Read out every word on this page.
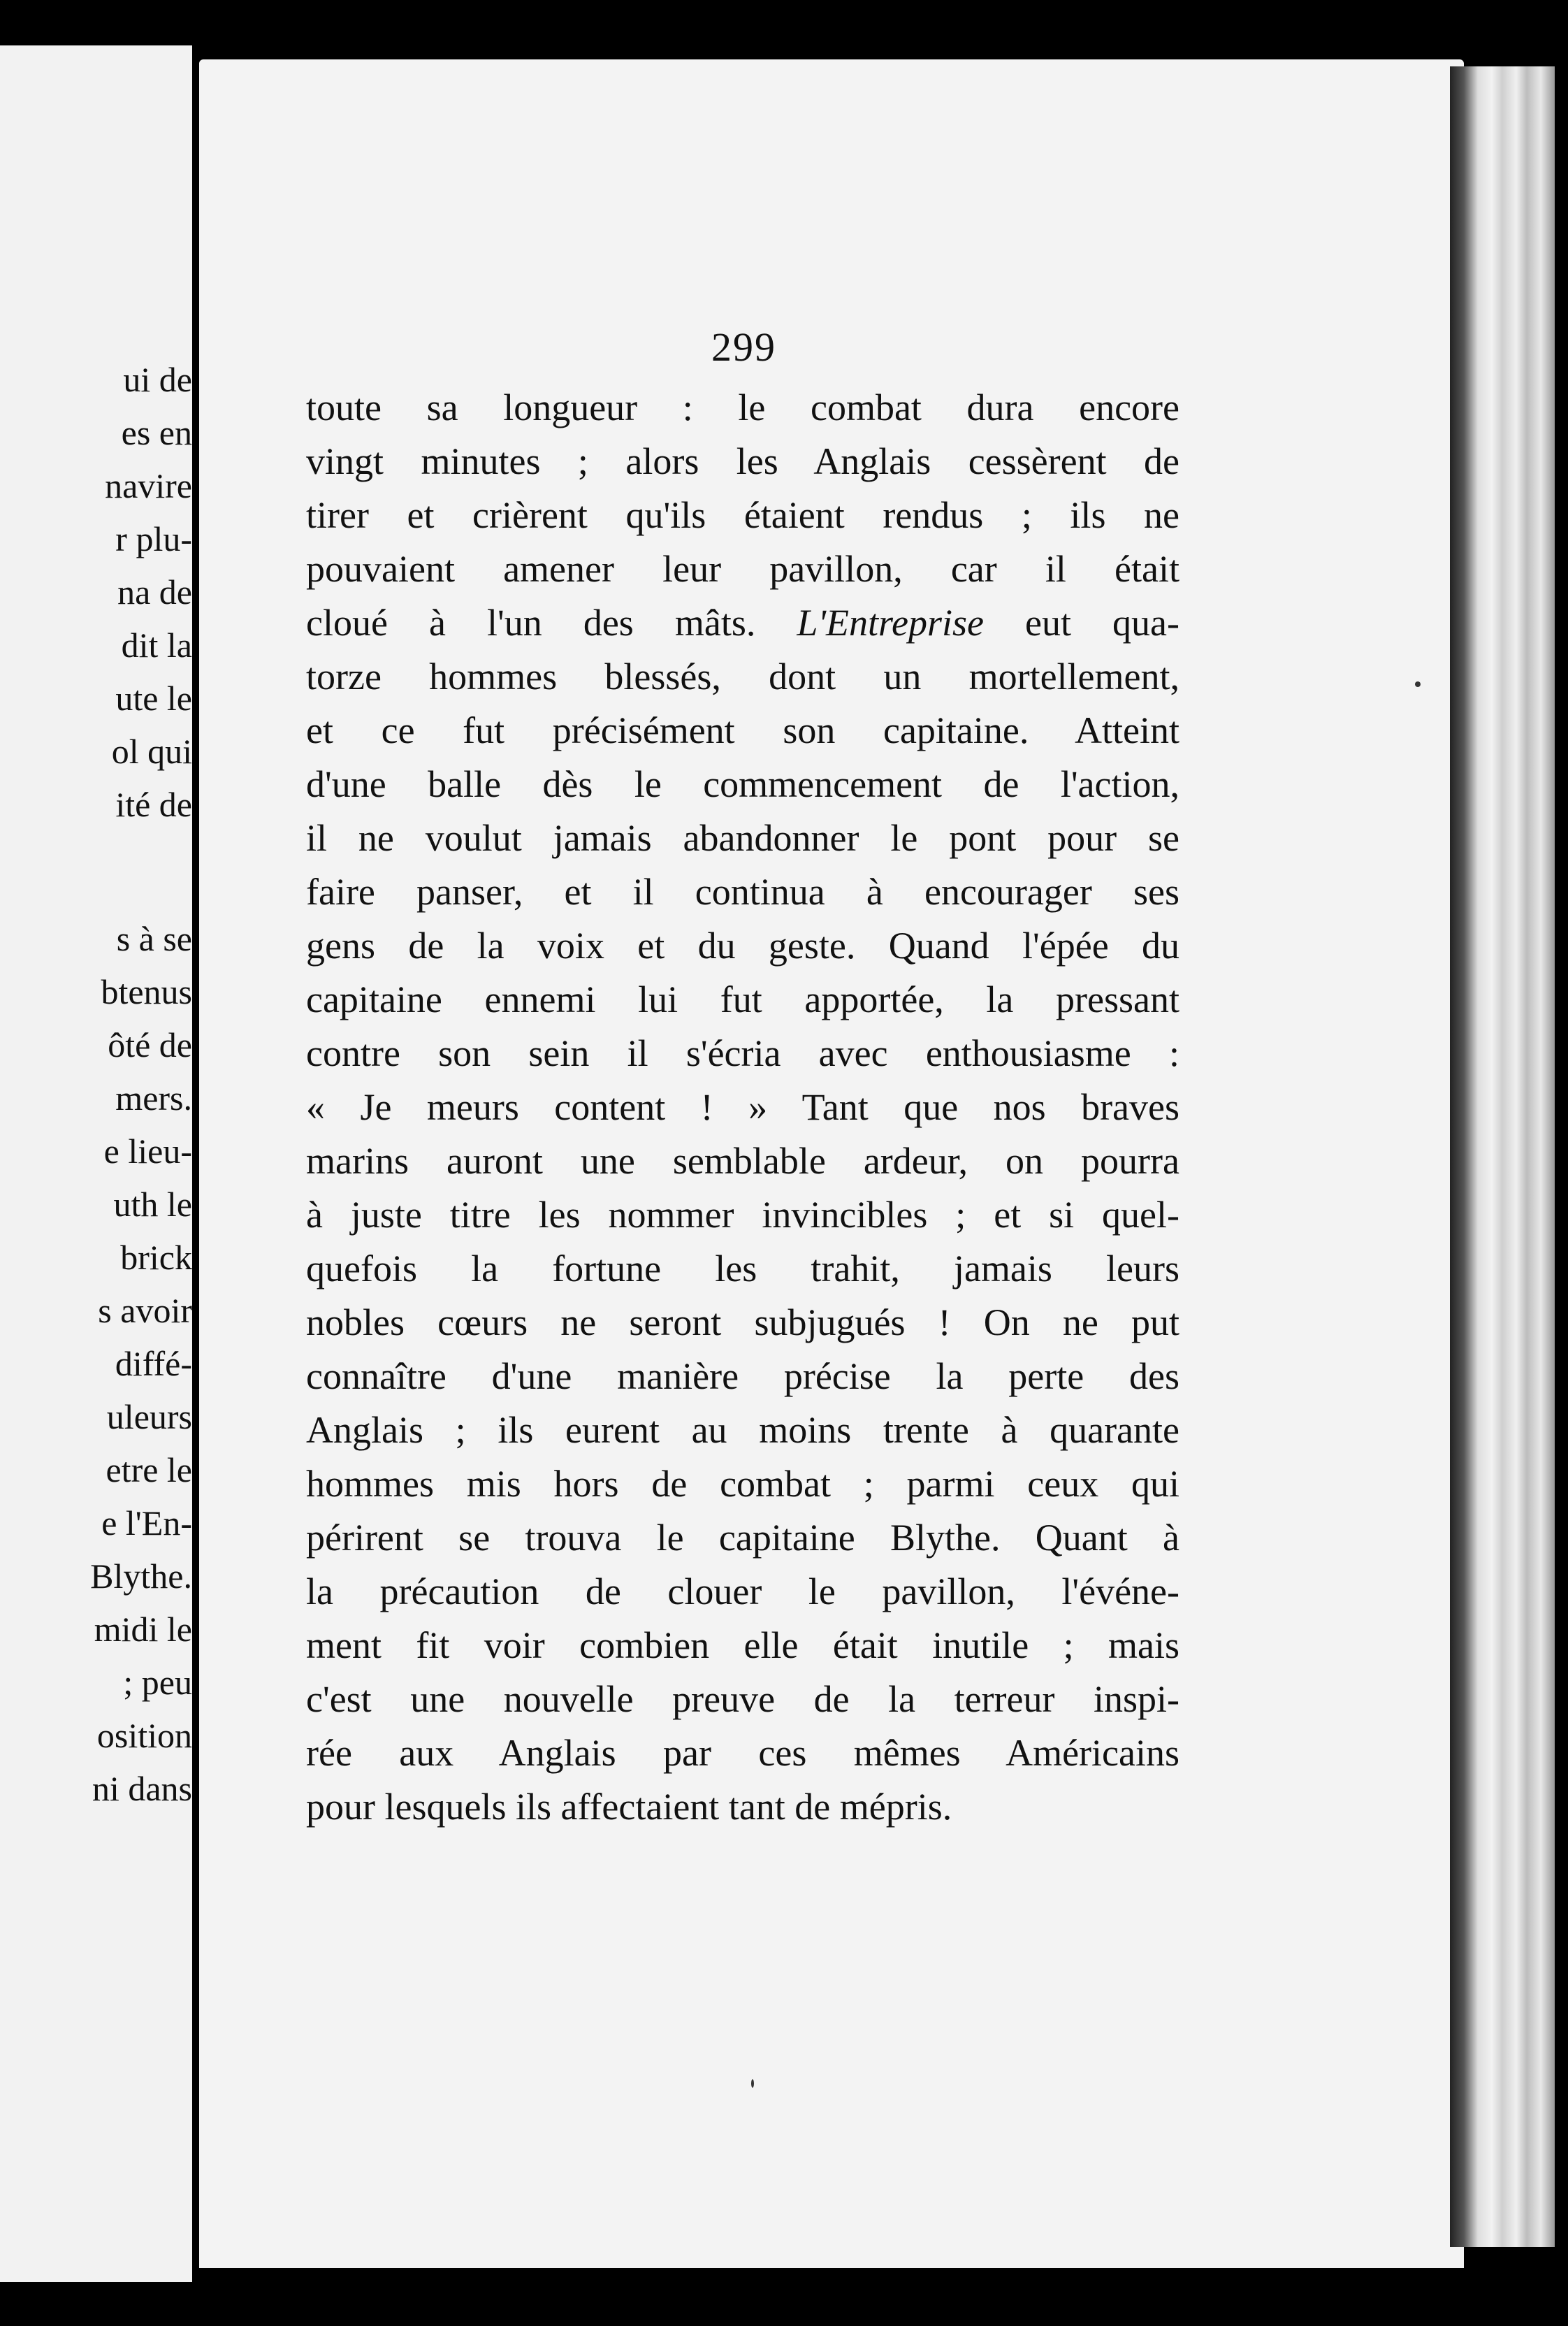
ui de
es en
navire
r plu-
na de
dit la
ute le
ol qui
ité de
s à se
btenus
ôté de
mers.
e lieu-
uth le
brick
s avoir
diffé-
uleurs
etre le
e l'En-
Blythe.
midi le
; peu
osition
ni dans
299
toute sa longueur : le combat dura encore
vingt minutes ; alors les Anglais cessèrent de
tirer et crièrent qu'ils étaient rendus ; ils ne
pouvaient amener leur pavillon, car il était
cloué à l'un des mâts. L'Entreprise eut qua-
torze hommes blessés, dont un mortellement,
et ce fut précisément son capitaine. Atteint
d'une balle dès le commencement de l'action,
il ne voulut jamais abandonner le pont pour se
faire panser, et il continua à encourager ses
gens de la voix et du geste. Quand l'épée du
capitaine ennemi lui fut apportée, la pressant
contre son sein il s'écria avec enthousiasme :
« Je meurs content ! » Tant que nos braves
marins auront une semblable ardeur, on pourra
à juste titre les nommer invincibles ; et si quel-
quefois la fortune les trahit, jamais leurs
nobles cœurs ne seront subjugués ! On ne put
connaître d'une manière précise la perte des
Anglais ; ils eurent au moins trente à quarante
hommes mis hors de combat ; parmi ceux qui
périrent se trouva le capitaine Blythe. Quant à
la précaution de clouer le pavillon, l'événe-
ment fit voir combien elle était inutile ; mais
c'est une nouvelle preuve de la terreur inspi-
rée aux Anglais par ces mêmes Américains
pour lesquels ils affectaient tant de mépris.
